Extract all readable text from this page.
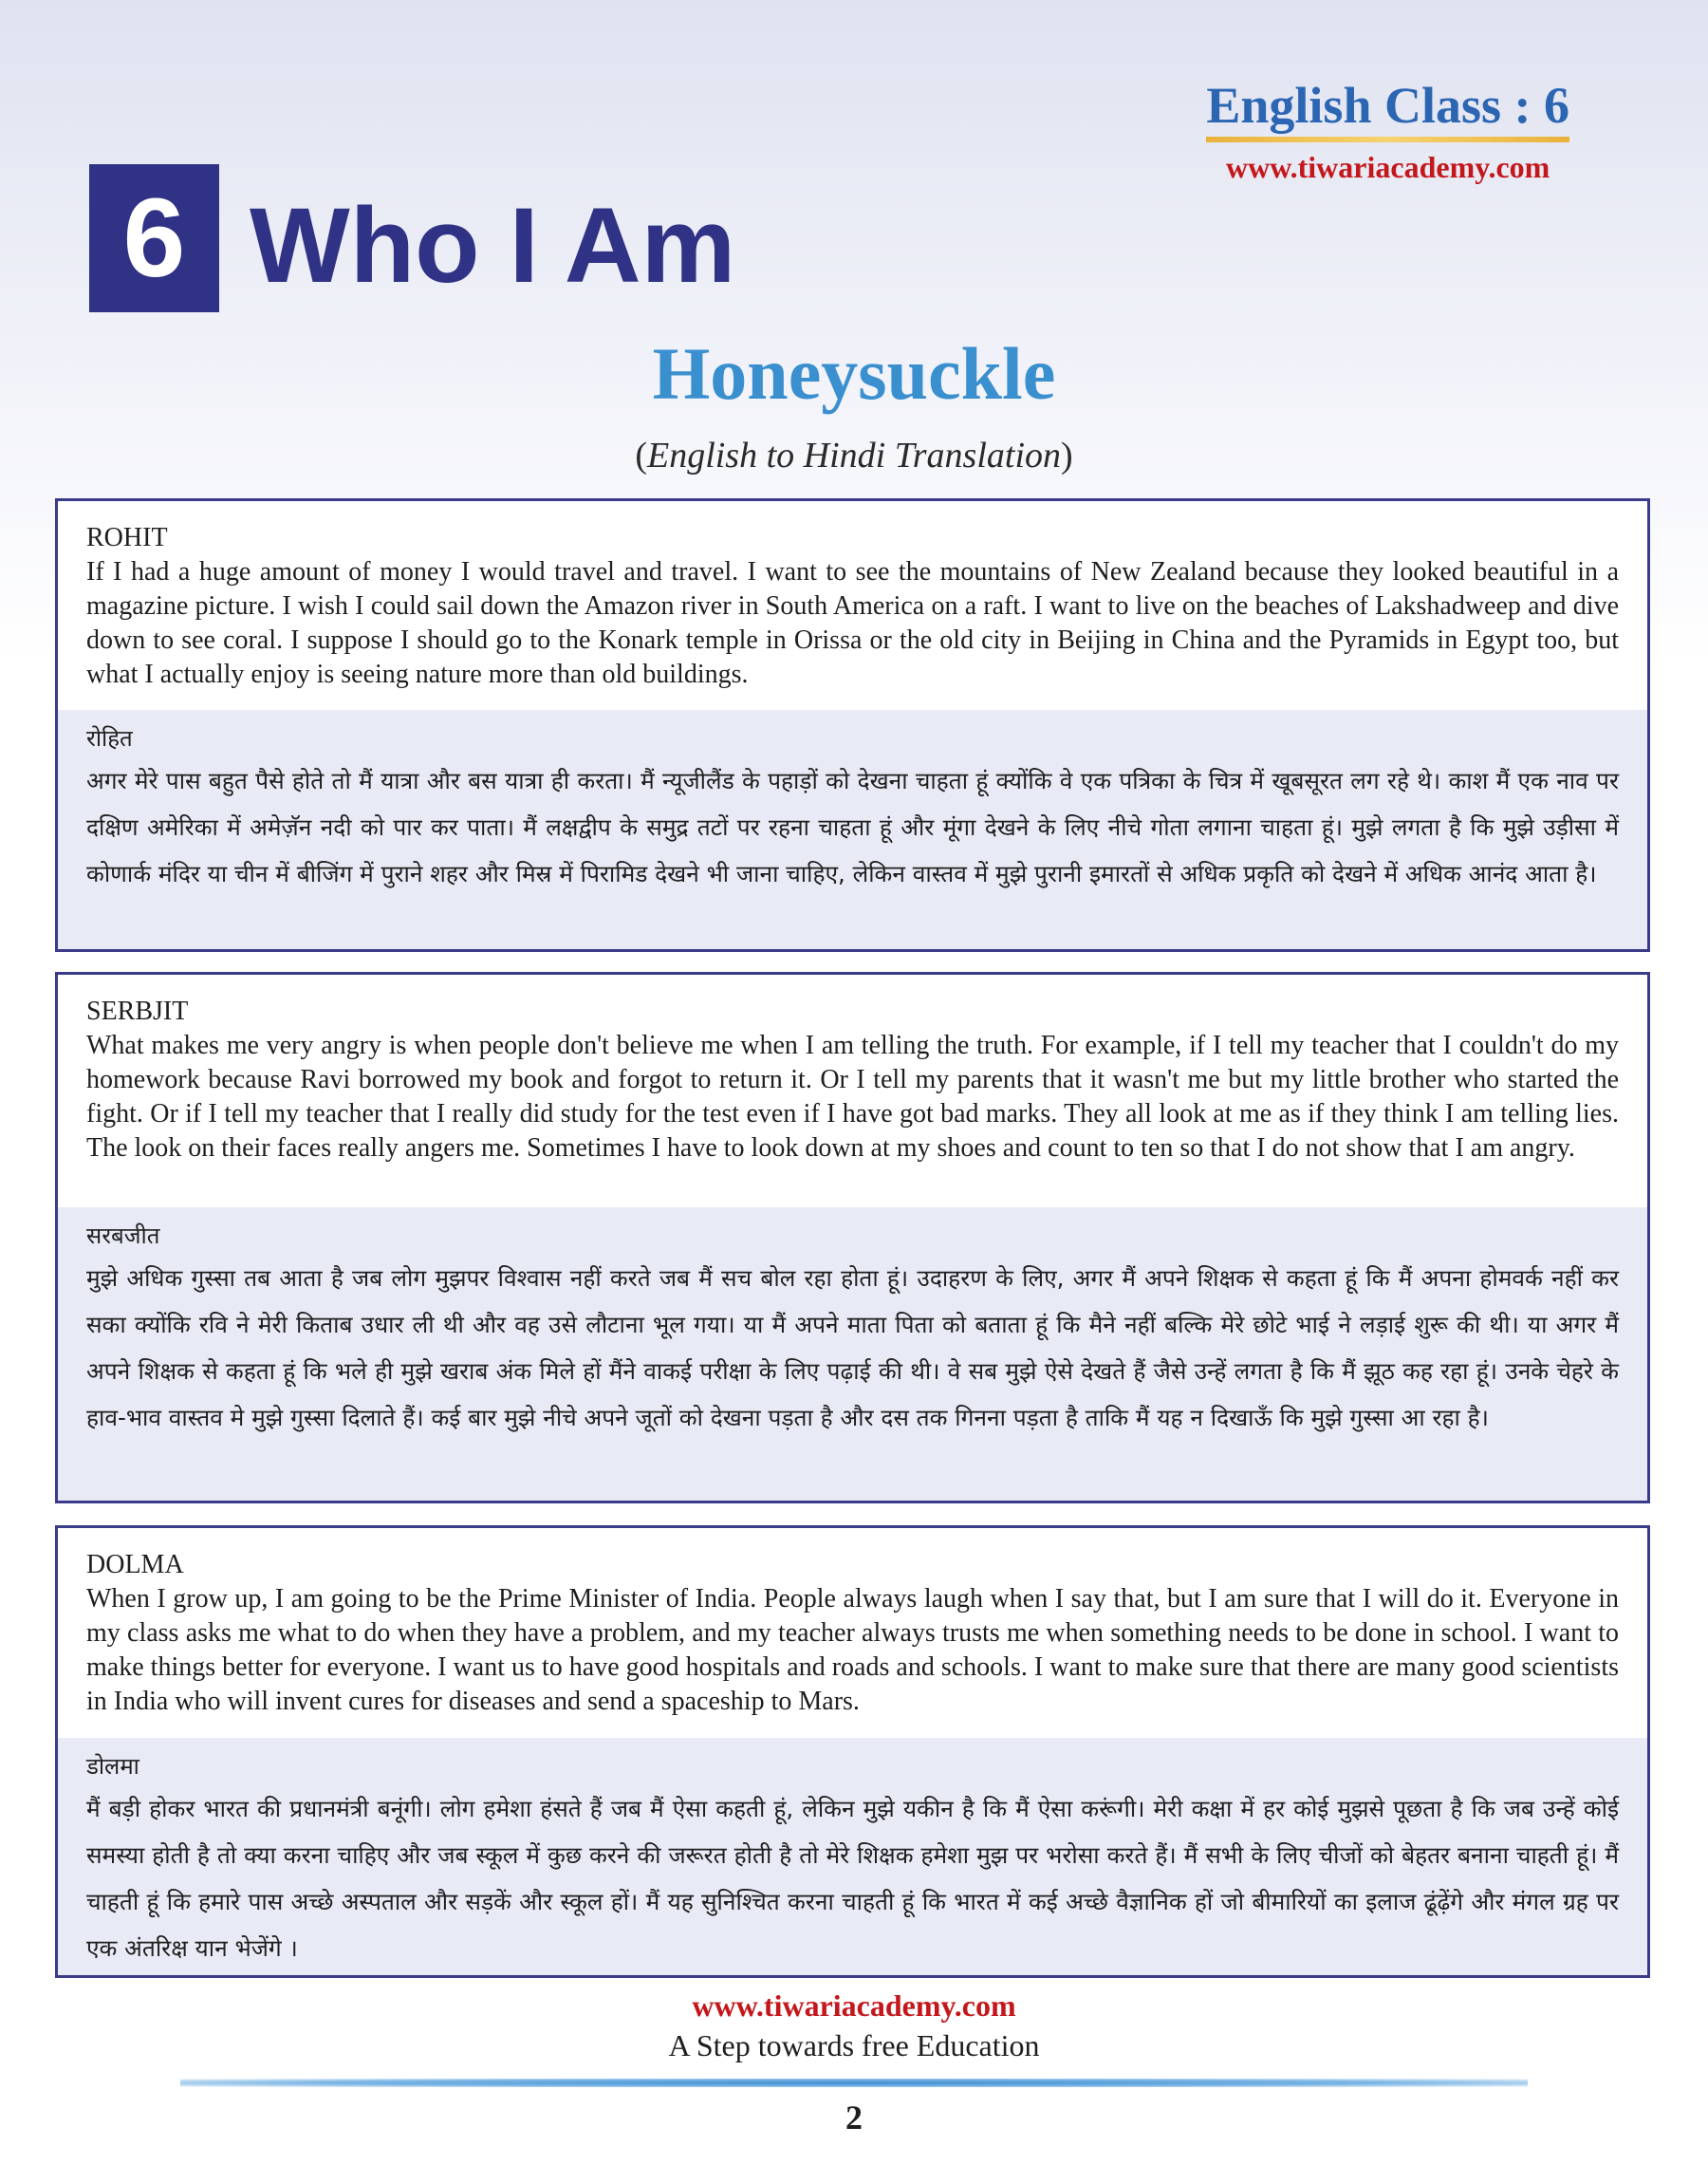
English Class : 6
www.tiwariacademy.com
6 Who I Am
Honeysuckle
(English to Hindi Translation)
ROHIT

If I had a huge amount of money I would travel and travel. I want to see the mountains of New Zealand because they looked beautiful in a magazine picture. I wish I could sail down the Amazon river in South America on a raft. I want to live on the beaches of Lakshadweep and dive down to see coral. I suppose I should go to the Konark temple in Orissa or the old city in Beijing in China and the Pyramids in Egypt too, but what I actually enjoy is seeing nature more than old buildings.

रोहित

अगर मेरे पास बहुत पैसे होते तो मैं यात्रा और बस यात्रा ही करता। मैं न्यूजीलैंड के पहाड़ों को देखना चाहता हूं क्योंकि वे एक पत्रिका के चित्र में खूबसूरत लग रहे थे। काश मैं एक नाव पर दक्षिण अमेरिका में अमेज़ॅन नदी को पार कर पाता। मैं लक्षद्वीप के समुद्र तटों पर रहना चाहता हूं और मूंगा देखने के लिए नीचे गोता लगाना चाहता हूं। मुझे लगता है कि मुझे उड़ीसा में कोणार्क मंदिर या चीन में बीजिंग में पुराने शहर और मिस्र में पिरामिड देखने भी जाना चाहिए, लेकिन वास्तव में मुझे पुरानी इमारतों से अधिक प्रकृति को देखने में अधिक आनंद आता है।

SERBJIT

What makes me very angry is when people don't believe me when I am telling the truth. For example, if I tell my teacher that I couldn't do my homework because Ravi borrowed my book and forgot to return it. Or I tell my parents that it wasn't me but my little brother who started the fight. Or if I tell my teacher that I really did study for the test even if I have got bad marks. They all look at me as if they think I am telling lies. The look on their faces really angers me. Sometimes I have to look down at my shoes and count to ten so that I do not show that I am angry.

सरबजीत

मुझे अधिक गुस्सा तब आता है जब लोग मुझपर विश्वास नहीं करते जब मैं सच बोल रहा होता हूं। उदाहरण के लिए, अगर मैं अपने शिक्षक से कहता हूं कि मैं अपना होमवर्क नहीं कर सका क्योंकि रवि ने मेरी किताब उधार ली थी और वह उसे लौटाना भूल गया। या मैं अपने माता पिता को बताता हूं कि मैने नहीं बल्कि मेरे छोटे भाई ने लड़ाई शुरू की थी। या अगर मैं अपने शिक्षक से कहता हूं कि भले ही मुझे खराब अंक मिले हों मैंने वाकई परीक्षा के लिए पढ़ाई की थी। वे सब मुझे ऐसे देखते हैं जैसे उन्हें लगता है कि मैं झूठ कह रहा हूं। उनके चेहरे के हाव-भाव वास्तव मे मुझे गुस्सा दिलाते हैं। कई बार मुझे नीचे अपने जूतों को देखना पड़ता है और दस तक गिनना पड़ता है ताकि मैं यह न दिखाऊँ कि मुझे गुस्सा आ रहा है।

DOLMA

When I grow up, I am going to be the Prime Minister of India. People always laugh when I say that, but I am sure that I will do it. Everyone in my class asks me what to do when they have a problem, and my teacher always trusts me when something needs to be done in school. I want to make things better for everyone. I want us to have good hospitals and roads and schools. I want to make sure that there are many good scientists in India who will invent cures for diseases and send a spaceship to Mars.

डोलमा

मैं बड़ी होकर भारत की प्रधानमंत्री बनूंगी। लोग हमेशा हंसते हैं जब मैं ऐसा कहती हूं, लेकिन मुझे यकीन है कि मैं ऐसा करूंगी। मेरी कक्षा में हर कोई मुझसे पूछता है कि जब उन्हें कोई समस्या होती है तो क्या करना चाहिए और जब स्कूल में कुछ करने की जरूरत होती है तो मेरे शिक्षक हमेशा मुझ पर भरोसा करते हैं। मैं सभी के लिए चीजों को बेहतर बनाना चाहती हूं। मैं चाहती हूं कि हमारे पास अच्छे अस्पताल और सड़कें और स्कूल हों। मैं यह सुनिश्चित करना चाहती हूं कि भारत में कई अच्छे वैज्ञानिक हों जो बीमारियों का इलाज ढूंढ़ेंगे और मंगल ग्रह पर एक अंतरिक्ष यान भेजेंगे ।

www.tiwariacademy.com
A Step towards free Education
2
